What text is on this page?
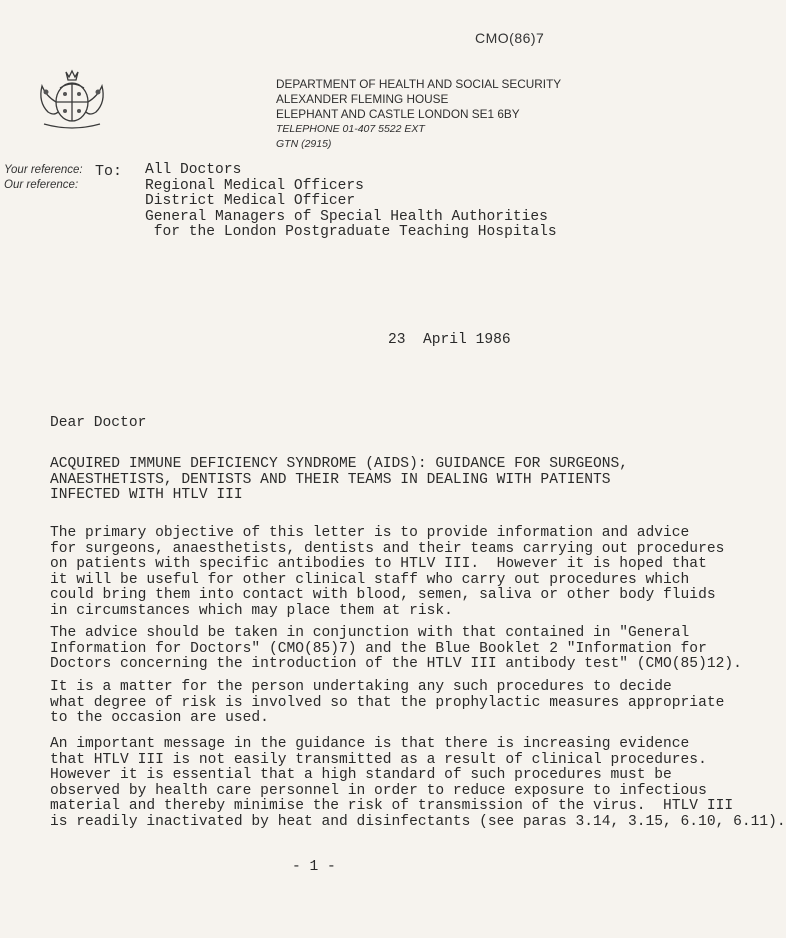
CMO(86)7
DEPARTMENT OF HEALTH AND SOCIAL SECURITY
ALEXANDER FLEMING HOUSE
ELEPHANT AND CASTLE LONDON SE1 6BY
TELEPHONE 01-407 5522 EXT
GTN (2915)
Your reference:
Our reference:
To: All Doctors
Regional Medical Officers
District Medical Officer
General Managers of Special Health Authorities
for the London Postgraduate Teaching Hospitals
23  April 1986
Dear Doctor
ACQUIRED IMMUNE DEFICIENCY SYNDROME (AIDS): GUIDANCE FOR SURGEONS,
ANAESTHETISTS, DENTISTS AND THEIR TEAMS IN DEALING WITH PATIENTS
INFECTED WITH HTLV III
The primary objective of this letter is to provide information and advice
for surgeons, anaesthetists, dentists and their teams carrying out procedures
on patients with specific antibodies to HTLV III.  However it is hoped that
it will be useful for other clinical staff who carry out procedures which
could bring them into contact with blood, semen, saliva or other body fluids
in circumstances which may place them at risk.
The advice should be taken in conjunction with that contained in "General
Information for Doctors" (CMO(85)7) and the Blue Booklet 2 "Information for
Doctors concerning the introduction of the HTLV III antibody test" (CMO(85)12).
It is a matter for the person undertaking any such procedures to decide
what degree of risk is involved so that the prophylactic measures appropriate
to the occasion are used.
An important message in the guidance is that there is increasing evidence
that HTLV III is not easily transmitted as a result of clinical procedures.
However it is essential that a high standard of such procedures must be
observed by health care personnel in order to reduce exposure to infectious
material and thereby minimise the risk of transmission of the virus.  HTLV III
is readily inactivated by heat and disinfectants (see paras 3.14, 3.15, 6.10, 6.11).
- 1 -
